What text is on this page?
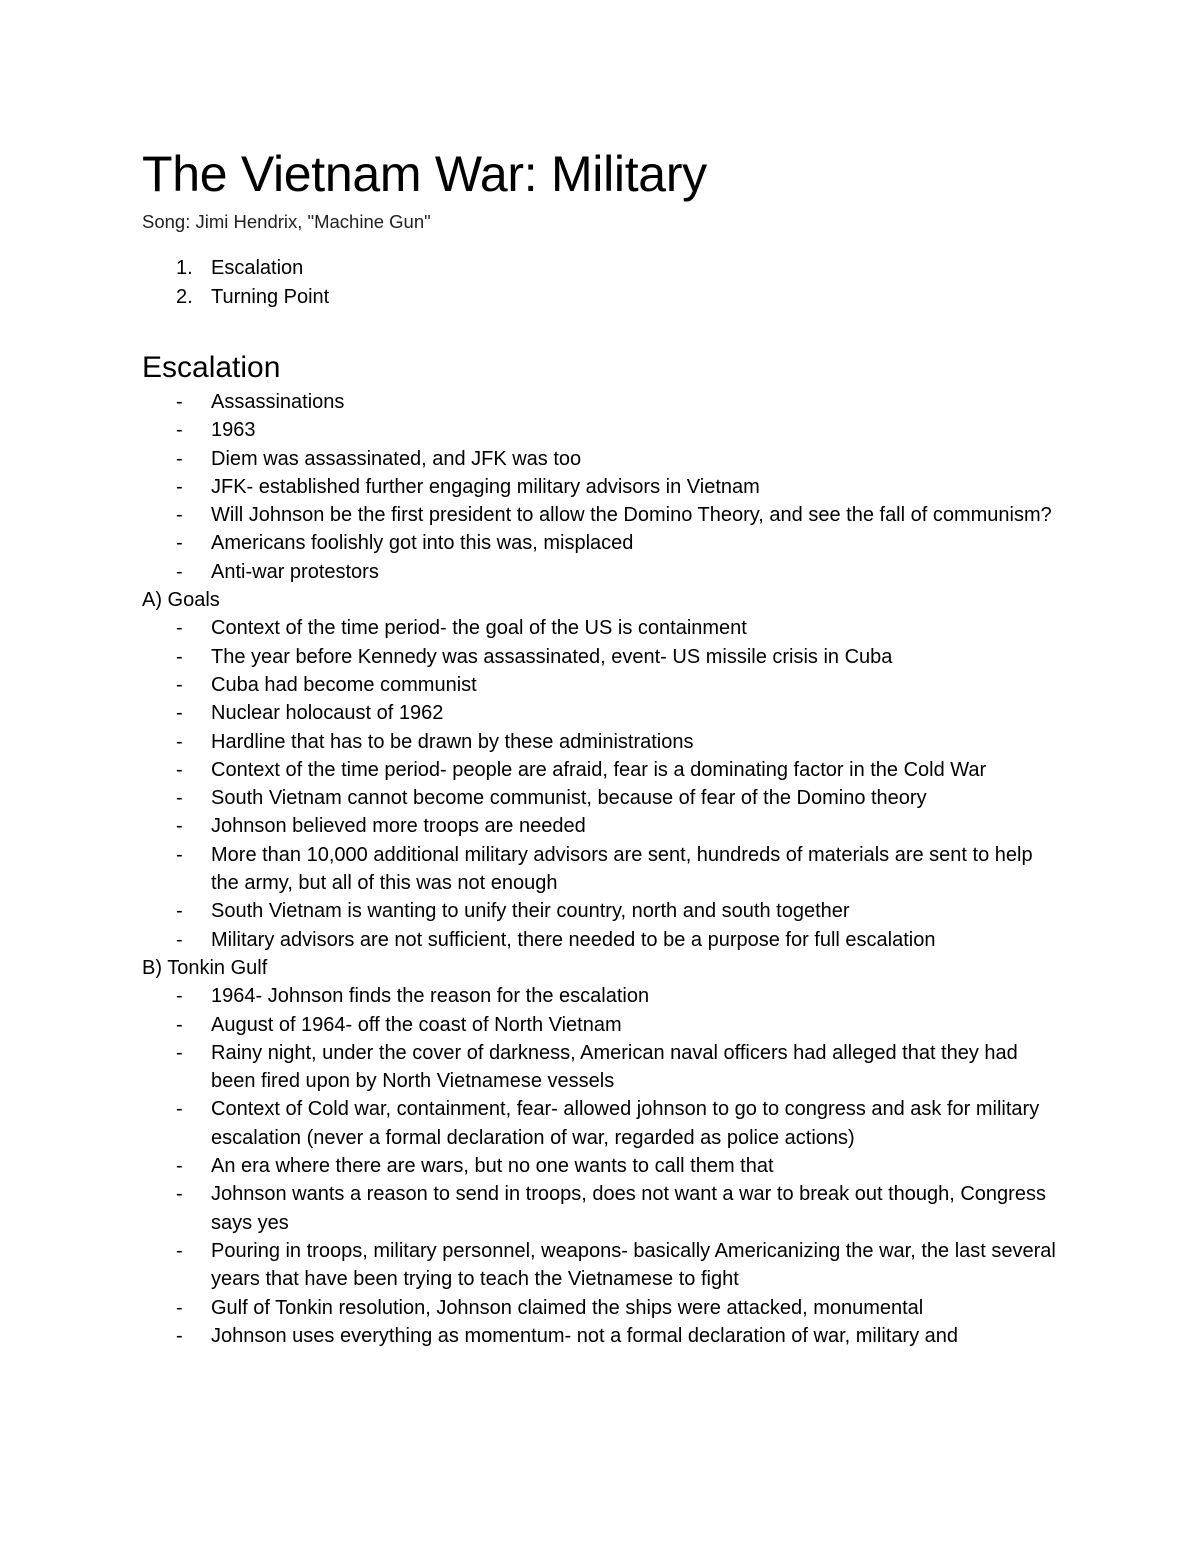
The Vietnam War: Military

Song: Jimi Hendrix, "Machine Gun"

1. Escalation
2. Turning Point
Escalation
-	Assassinations
-	1963
-	Diem was assassinated, and JFK was too
-	JFK- established further engaging military advisors in Vietnam
-	Will Johnson be the first president to allow the Domino Theory, and see the fall of communism?
-	Americans foolishly got into this was, misplaced
-	Anti-war protestors

A) Goals

-	Context of the time period- the goal of the US is containment
-	The year before Kennedy was assassinated, event- US missile crisis in Cuba
-	Cuba had become communist
-	Nuclear holocaust of 1962
-	Hardline that has to be drawn by these administrations
-	Context of the time period- people are afraid, fear is a dominating factor in the Cold War
-	South Vietnam cannot become communist, because of fear of the Domino theory
-	Johnson believed more troops are needed
-	More than 10,000 additional military advisors are sent, hundreds of materials are sent to help the army, but all of this was not enough
-	South Vietnam is wanting to unify their country, north and south together
-	Military advisors are not sufficient, there needed to be a purpose for full escalation

B) Tonkin Gulf

-	1964- Johnson finds the reason for the escalation
-	August of 1964- off the coast of North Vietnam
-	Rainy night, under the cover of darkness, American naval officers had alleged that they had been fired upon by North Vietnamese vessels
-	Context of Cold war, containment, fear- allowed johnson to go to congress and ask for military escalation (never a formal declaration of war, regarded as police actions)
-	An era where there are wars, but no one wants to call them that
-	Johnson wants a reason to send in troops, does not want a war to break out though, Congress says yes
-	Pouring in troops, military personnel, weapons- basically Americanizing the war, the last several years that have been trying to teach the Vietnamese to fight
-	Gulf of Tonkin resolution, Johnson claimed the ships were attacked, monumental
-	Johnson uses everything as momentum- not a formal declaration of war, military and
